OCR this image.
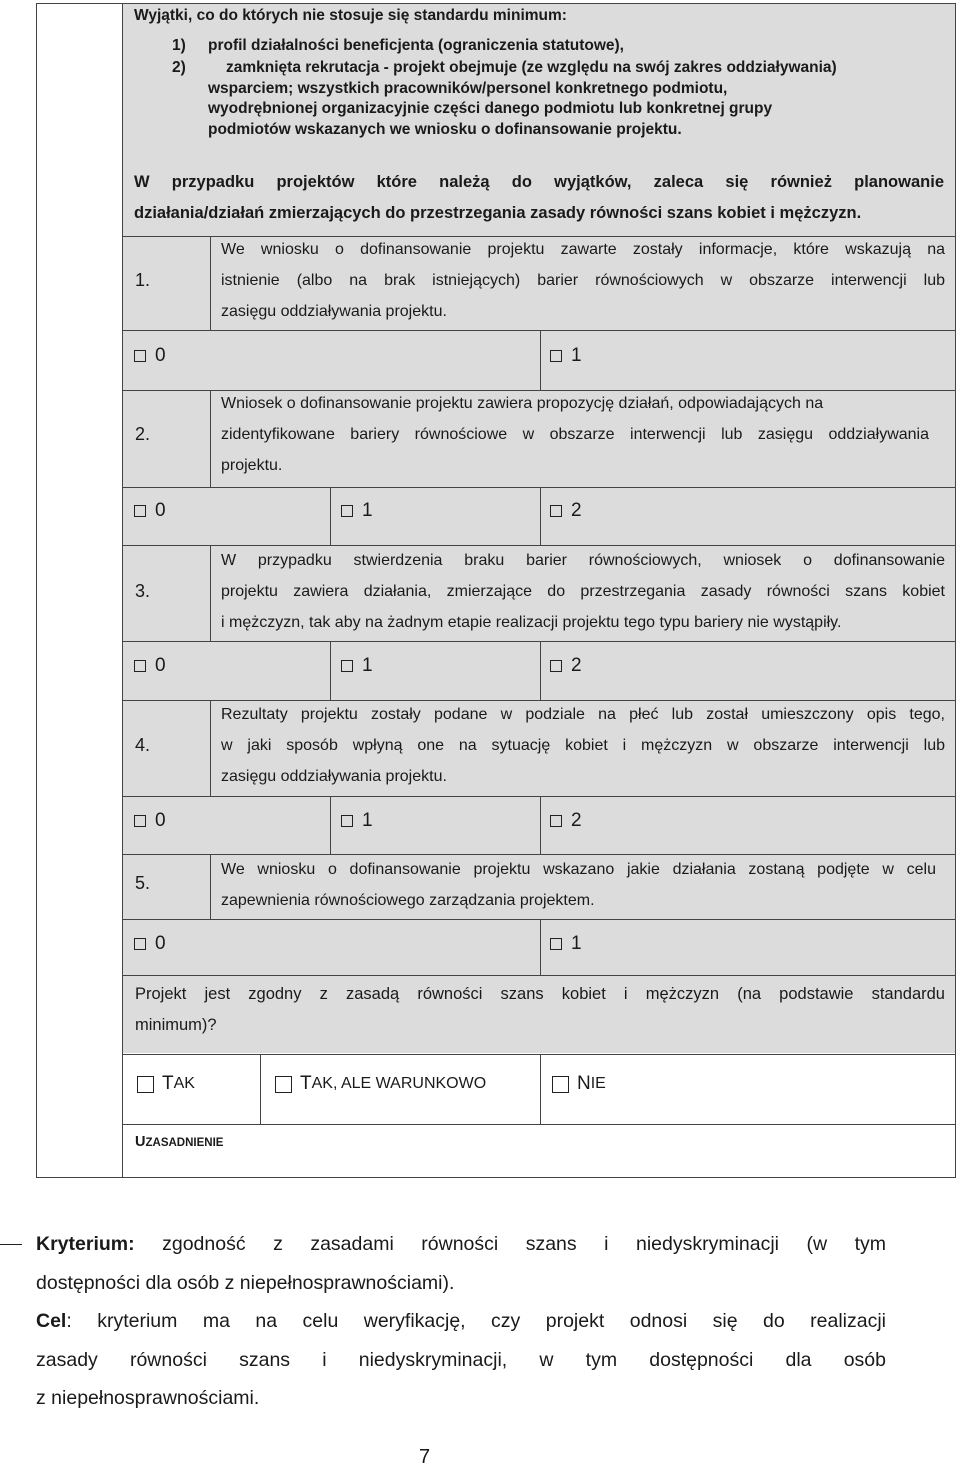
Wyjątki, co do których nie stosuje się standardu minimum:
1) profil działalności beneficjenta (ograniczenia statutowe),
2)	zamknięta rekrutacja - projekt obejmuje (ze względu na swój zakres oddziaływania)
wsparciem; wszystkich pracowników/personel konkretnego podmiotu,
wyodrębnionej organizacyjnie części danego podmiotu lub konkretnej grupy
podmiotów wskazanych we wniosku o dofinansowanie projektu.
W przypadku projektów które należą do wyjątków, zaleca się również planowanie
działania/działań zmierzających do przestrzegania zasady równości szans kobiet i mężczyzn.
1.
We wniosku o dofinansowanie projektu zawarte zostały informacje, które wskazują na
istnienie (albo na brak istniejących) barier równościowych w obszarze interwencji lub
zasięgu oddziaływania projektu.
0	1
2.
Wniosek o dofinansowanie projektu zawiera propozycję działań, odpowiadających na
zidentyfikowane bariery równościowe w obszarze interwencji lub zasięgu oddziaływania
projektu.
0	1	2
3.
W przypadku stwierdzenia braku barier równościowych, wniosek o dofinansowanie
projektu zawiera działania, zmierzające do przestrzegania zasady równości szans kobiet
i mężczyzn, tak aby na żadnym etapie realizacji projektu tego typu bariery nie wystąpiły.
0	1	2
4.
Rezultaty projektu zostały podane w podziale na płeć lub został umieszczony opis tego,
w jaki sposób wpłyną one na sytuację kobiet i mężczyzn w obszarze interwencji lub
zasięgu oddziaływania projektu.
0	1	2
5.
We wniosku o dofinansowanie projektu wskazano jakie działania zostaną podjęte w celu
zapewnienia równościowego zarządzania projektem.
0	1
Projekt jest zgodny z zasadą równości szans kobiet i mężczyzn (na podstawie standardu
minimum)?
T AK	T AK, ALE WARUNKOWO	N IE
UZASADNIENIE
Kryterium: zgodność z zasadami równości szans i niedyskryminacji (w tym
dostępności dla osób z niepełnosprawnościami).
Cel: kryterium ma na celu weryfikację, czy projekt odnosi się do realizacji
zasady równości szans i niedyskryminacji, w tym dostępności dla osób
z niepełnosprawnościami.
7
